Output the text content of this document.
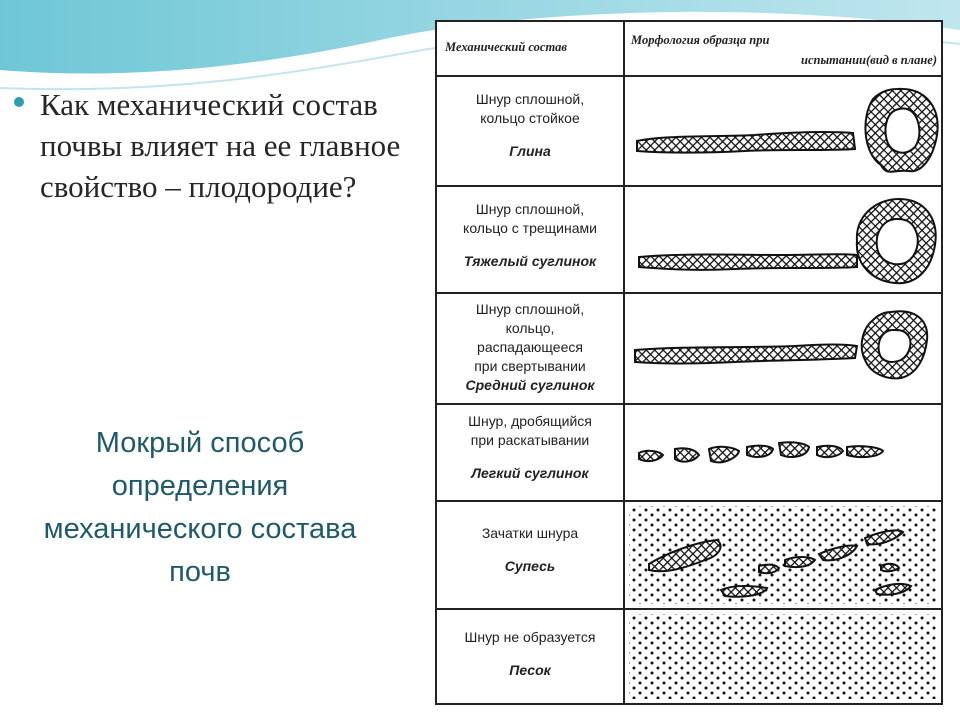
Как механический состав почвы влияет на ее главное свойство – плодородие?

Мокрый способ определения механического состава почв

Механический состав	Морфология образца при
испытании(вид в плане)
Шнур сплошной,
кольцо стойкое
Глина
Шнур сплошной,
кольцо с трещинами
Тяжелый суглинок
Шнур сплошной,
кольцо,
распадающееся
при свертывании
Средний суглинок
Шнур, дробящийся
при раскатывании
Легкий суглинок
Зачатки шнура
Супесь
Шнур не образуется
Песок
